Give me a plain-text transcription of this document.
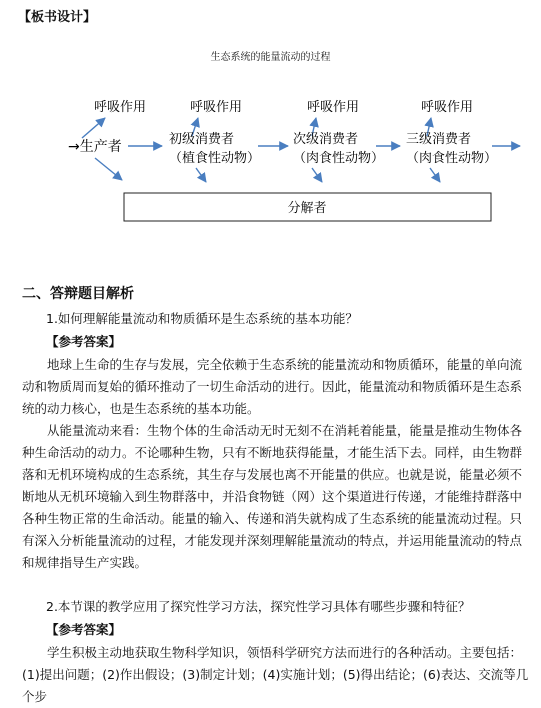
【板书设计】
生态系统的能量流动的过程
呼吸作用	呼吸作用	呼吸作用	呼吸作用
→生产者	初级消费者
（植食性动物）
次级消费者
（肉食性动物）
三级消费者
（肉食性动物）
分解者
二、答辩题目解析
1.如何理解能量流动和物质循环是生态系统的基本功能？
【参考答案】
地球上生命的生存与发展，完全依赖于生态系统的能量流动和物质循环，能量的单向流动和物质周而复始的循环推动了一切生命活动的进行。因此，能量流动和物质循环是生态系统的动力核心，也是生态系统的基本功能。
从能量流动来看：生物个体的生命活动无时无刻不在消耗着能量，能量是推动生物体各种生命活动的动力。不论哪种生物，只有不断地获得能量，才能生活下去。同样，由生物群落和无机环境构成的生态系统，其生存与发展也离不开能量的供应。也就是说，能量必须不断地从无机环境输入到生物群落中，并沿食物链（网）这个渠道进行传递，才能维持群落中各种生物正常的生命活动。能量的输入、传递和消失就构成了生态系统的能量流动过程。只有深入分析能量流动的过程，才能发现并深刻理解能量流动的特点，并运用能量流动的特点和规律指导生产实践。
2.本节课的教学应用了探究性学习方法，探究性学习具体有哪些步骤和特征？
【参考答案】
学生积极主动地获取生物科学知识，领悟科学研究方法而进行的各种活动。主要包括：(1)提出问题；(2)作出假设；(3)制定计划；(4)实施计划；(5)得出结论；(6)表达、交流等几个步
